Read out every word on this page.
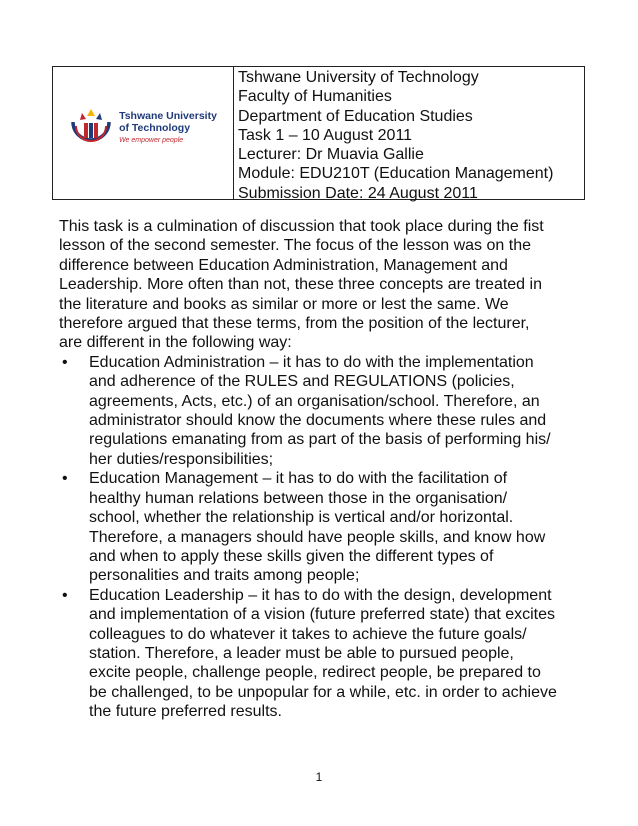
Tshwane University
of Technology
We empower people
Tshwane University of Technology
Faculty of Humanities
Department of Education Studies
Task 1 – 10 August 2011
Lecturer: Dr Muavia Gallie
Module: EDU210T (Education Management)
Submission Date: 24 August 2011
This task is a culmination of discussion that took place during the fist
lesson of the second semester. The focus of the lesson was on the
difference between Education Administration, Management and
Leadership. More often than not, these three concepts are treated in
the literature and books as similar or more or lest the same. We
therefore argued that these terms, from the position of the lecturer,
are different in the following way:
• Education Administration – it has to do with the implementation
and adherence of the RULES and REGULATIONS (policies,
agreements, Acts, etc.) of an organisation/school. Therefore, an
administrator should know the documents where these rules and
regulations emanating from as part of the basis of performing his/
her duties/responsibilities;
• Education Management – it has to do with the facilitation of
healthy human relations between those in the organisation/
school, whether the relationship is vertical and/or horizontal.
Therefore, a managers should have people skills, and know how
and when to apply these skills given the different types of
personalities and traits among people;
• Education Leadership – it has to do with the design, development
and implementation of a vision (future preferred state) that excites
colleagues to do whatever it takes to achieve the future goals/
station. Therefore, a leader must be able to pursued people,
excite people, challenge people, redirect people, be prepared to
be challenged, to be unpopular for a while, etc. in order to achieve
the future preferred results.
1
